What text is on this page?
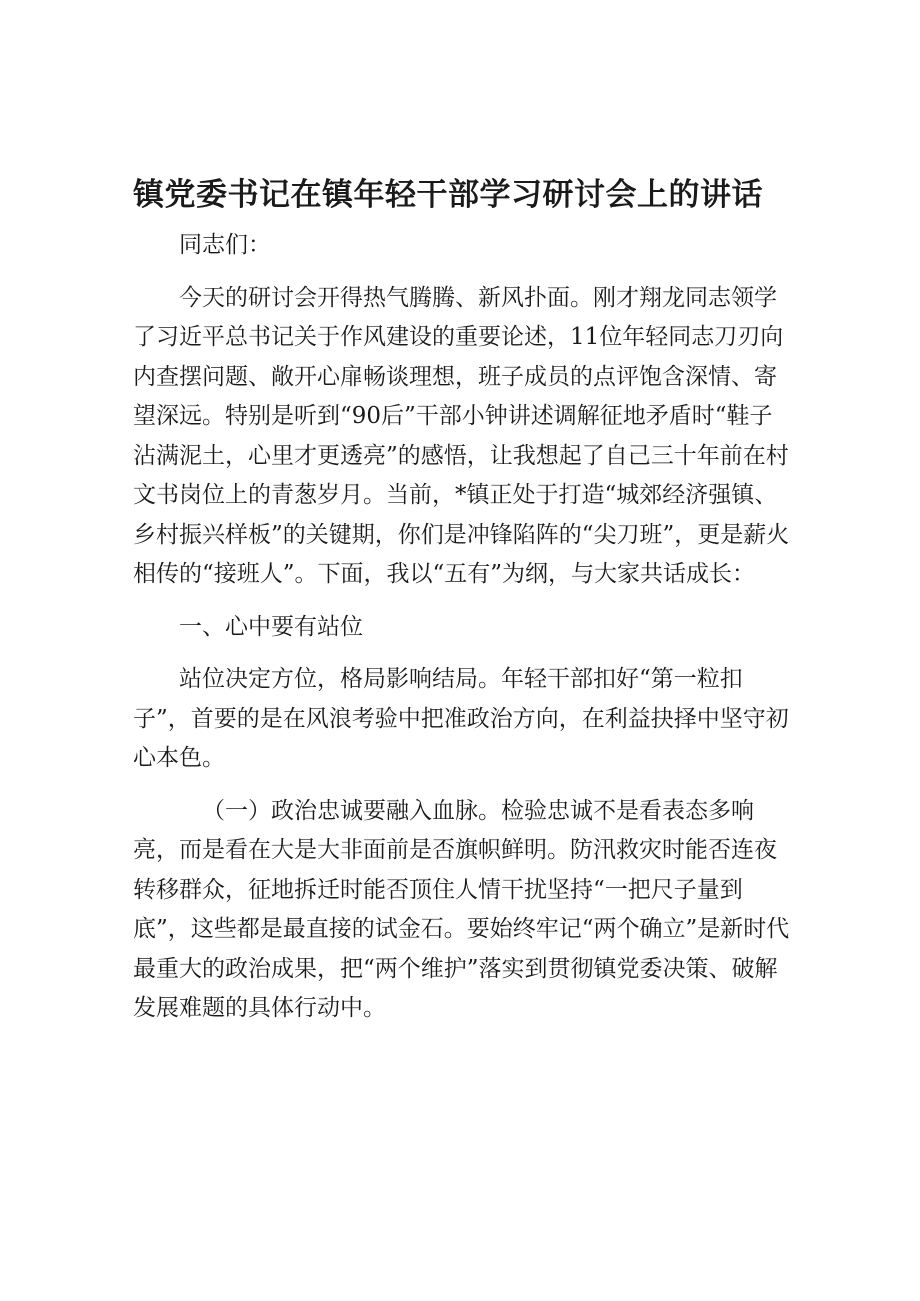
镇党委书记在镇年轻干部学习研讨会上的讲话

同志们：

今天的研讨会开得热气腾腾、新风扑面。刚才翔龙同志领学了习近平总书记关于作风建设的重要论述，11位年轻同志刀刃向内查摆问题、敞开心扉畅谈理想，班子成员的点评饱含深情、寄望深远。特别是听到“90后”干部小钟讲述调解征地矛盾时“鞋子沾满泥土，心里才更透亮”的感悟，让我想起了自己三十年前在村文书岗位上的青葱岁月。当前，*镇正处于打造“城郊经济强镇、乡村振兴样板”的关键期，你们是冲锋陷阵的“尖刀班”，更是薪火相传的“接班人”。下面，我以“五有”为纲，与大家共话成长：

一、心中要有站位

站位决定方位，格局影响结局。年轻干部扣好“第一粒扣子”，首要的是在风浪考验中把准政治方向，在利益抉择中坚守初心本色。

（一）政治忠诚要融入血脉。检验忠诚不是看表态多响亮，而是看在大是大非面前是否旗帜鲜明。防汛救灾时能否连夜转移群众，征地拆迁时能否顶住人情干扰坚持“一把尺子量到底”，这些都是最直接的试金石。要始终牢记“两个确立”是新时代最重大的政治成果，把“两个维护”落实到贯彻镇党委决策、破解发展难题的具体行动中。
